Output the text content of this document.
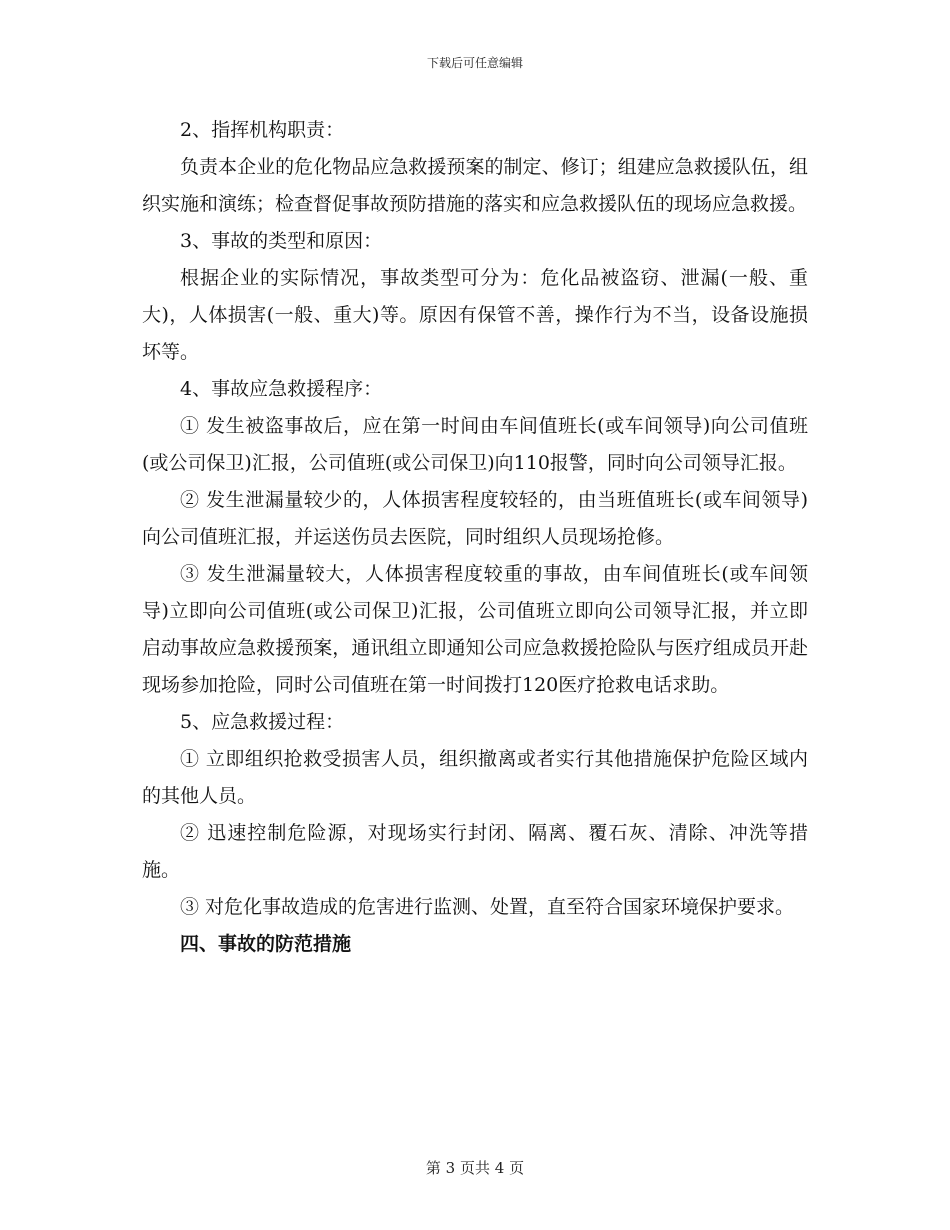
下载后可任意编辑
2、指挥机构职责：
负责本企业的危化物品应急救援预案的制定、修订；组建应急救援队伍，组织实施和演练；检查督促事故预防措施的落实和应急救援队伍的现场应急救援。
3、事故的类型和原因：
根据企业的实际情况，事故类型可分为：危化品被盗窃、泄漏(一般、重大)，人体损害(一般、重大)等。原因有保管不善，操作行为不当，设备设施损坏等。
4、事故应急救援程序：
① 发生被盗事故后，应在第一时间由车间值班长(或车间领导)向公司值班(或公司保卫)汇报，公司值班(或公司保卫)向110报警，同时向公司领导汇报。
② 发生泄漏量较少的，人体损害程度较轻的，由当班值班长(或车间领导)向公司值班汇报，并运送伤员去医院，同时组织人员现场抢修。
③ 发生泄漏量较大，人体损害程度较重的事故，由车间值班长(或车间领导)立即向公司值班(或公司保卫)汇报，公司值班立即向公司领导汇报，并立即启动事故应急救援预案，通讯组立即通知公司应急救援抢险队与医疗组成员开赴现场参加抢险，同时公司值班在第一时间拨打120医疗抢救电话求助。
5、应急救援过程：
① 立即组织抢救受损害人员，组织撤离或者实行其他措施保护危险区域内的其他人员。
② 迅速控制危险源，对现场实行封闭、隔离、覆石灰、清除、冲洗等措施。
③ 对危化事故造成的危害进行监测、处置，直至符合国家环境保护要求。
四、事故的防范措施
第 3 页共 4 页
